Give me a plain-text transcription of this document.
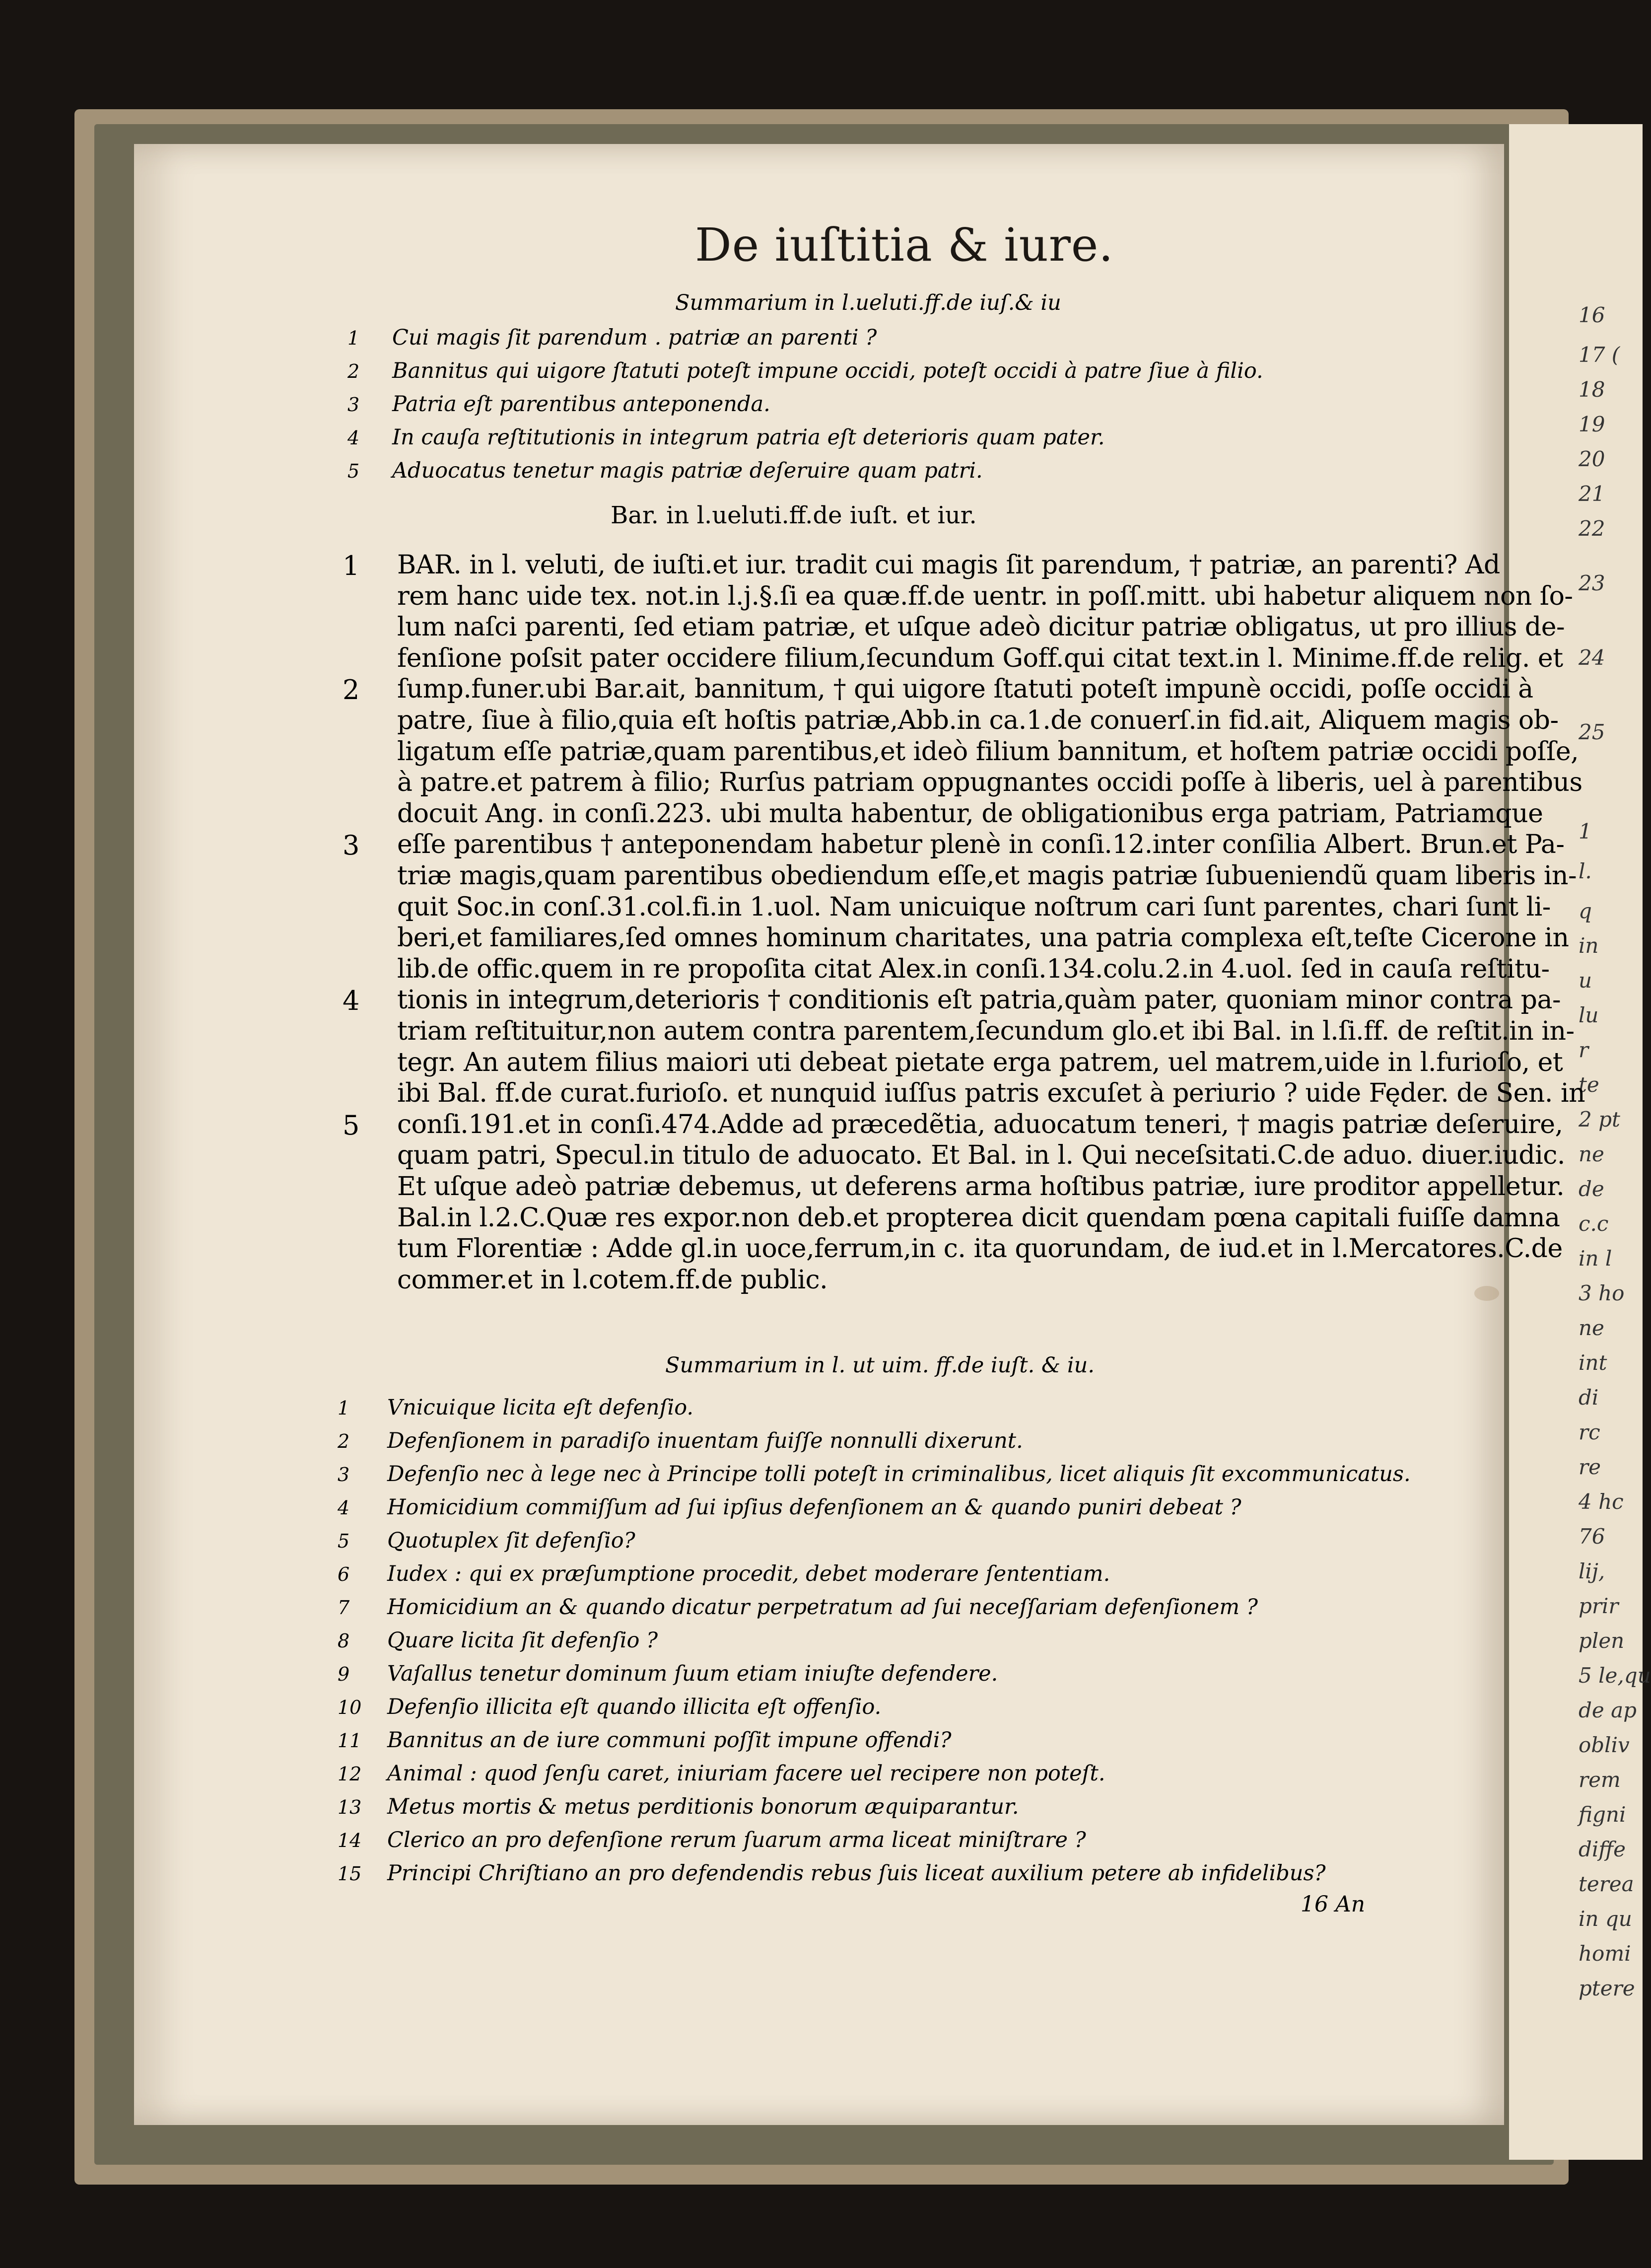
16
17 (
18
19
20
21
22
23
24
25
1
l.
q
in
u
lu
r
te
2 pt
ne
de
c.c
in l
3 ho
ne
int
di
rc
re
4 hc
76
lij,
prir
plen
5 le,qu
de ap
obliv
rem
figni
diffe
terea
in qu
homi
ptere
De iuſtitia & iure.
Summarium in l.ueluti.ff.de iuſ.& iu
1 Cui magis ſit parendum . patriæ an parenti ?
2 Bannitus qui uigore ſtatuti poteſt impune occidi, poteſt occidi à patre ſiue à filio.
3 Patria eſt parentibus anteponenda.
4 In cauſa reſtitutionis in integrum patria eſt deterioris quam pater.
5 Aduocatus tenetur magis patriæ deſeruire quam patri.
Bar. in l.ueluti.ff.de iuſt. et iur.
BAR. in l. veluti, de iuſti.et iur. tradit cui magis ſit parendum, † patriæ, an parenti? Ad
rem hanc uide tex. not.in l.j.§.ſi ea quæ.ff.de uentr. in poſſ.mitt. ubi habetur aliquem non ſo-
lum naſci parenti, ſed etiam patriæ, et uſque adeò dicitur patriæ obligatus, ut pro illius de-
fenſione poſsit pater occidere filium,ſecundum Goff.qui citat text.in l. Minime.ff.de relig. et
ſump.funer.ubi Bar.ait, bannitum, † qui uigore ſtatuti poteſt impunè occidi, poſſe occidi à
patre, ſiue à filio,quia eſt hoſtis patriæ,Abb.in ca.1.de conuerſ.in fid.ait, Aliquem magis ob-
ligatum eſſe patriæ,quam parentibus,et ideò filium bannitum, et hoſtem patriæ occidi poſſe,
à patre.et patrem à filio; Rurſus patriam oppugnantes occidi poſſe à liberis, uel à parentibus
docuit Ang. in conſi.223. ubi multa habentur, de obligationibus erga patriam, Patriamque
eſſe parentibus † anteponendam habetur plenè in conſi.12.inter conſilia Albert. Brun.et Pa-
triæ magis,quam parentibus obediendum eſſe,et magis patriæ ſubueniendũ quam liberis in-
quit Soc.in conſ.31.col.fi.in 1.uol. Nam unicuique noſtrum cari ſunt parentes, chari ſunt li-
beri,et familiares,ſed omnes hominum charitates, una patria complexa eſt,teſte Cicerone in
lib.de offic.quem in re propoſita citat Alex.in conſi.134.colu.2.in 4.uol. ſed in cauſa reſtitu-
tionis in integrum,deterioris † conditionis eſt patria,quàm pater, quoniam minor contra pa-
triam reſtituitur,non autem contra parentem,ſecundum glo.et ibi Bal. in l.ſi.ff. de reſtit.in in-
tegr. An autem filius maiori uti debeat pietate erga patrem, uel matrem,uide in l.furioſo, et
ibi Bal. ff.de curat.furioſo. et nunquid iuſſus patris excuſet à periurio ? uide Fęder. de Sen. in
conſi.191.et in conſi.474.Adde ad præcedẽtia, aduocatum teneri, † magis patriæ deſeruire,
quam patri, Specul.in titulo de aduocato. Et Bal. in l. Qui neceſsitati.C.de aduo. diuer.iudic.
Et uſque adeò patriæ debemus, ut deferens arma hoſtibus patriæ, iure proditor appelletur.
Bal.in l.2.C.Quæ res expor.non deb.et propterea dicit quendam pœna capitali fuiſſe damna
tum Florentiæ : Adde gl.in uoce,ferrum,in c. ita quorundam, de iud.et in l.Mercatores.C.de
commer.et in l.cotem.ff.de public.
1
2
3
4
5
Summarium in l. ut uim. ff.de iuſt. & iu.
1 Vnicuique licita eſt defenſio.
2 Defenſionem in paradiſo inuentam fuiſſe nonnulli dixerunt.
3 Defenſio nec à lege nec à Principe tolli poteſt in criminalibus, licet aliquis ſit excommunicatus.
4 Homicidium commiſſum ad ſui ipſius defenſionem an & quando puniri debeat ?
5 Quotuplex ſit defenſio?
6 Iudex : qui ex præſumptione procedit, debet moderare ſententiam.
7 Homicidium an & quando dicatur perpetratum ad ſui neceſſariam defenſionem ?
8 Quare licita ſit defenſio ?
9 Vaſallus tenetur dominum ſuum etiam iniuſte defendere.
10 Defenſio illicita eſt quando illicita eſt offenſio.
11 Bannitus an de iure communi poſſit impune offendi?
12 Animal : quod ſenſu caret, iniuriam facere uel recipere non poteſt.
13 Metus mortis & metus perditionis bonorum æquiparantur.
14 Clerico an pro defenſione rerum ſuarum arma liceat miniſtrare ?
15 Principi Chriſtiano an pro defendendis rebus ſuis liceat auxilium petere ab infidelibus?
16 An
